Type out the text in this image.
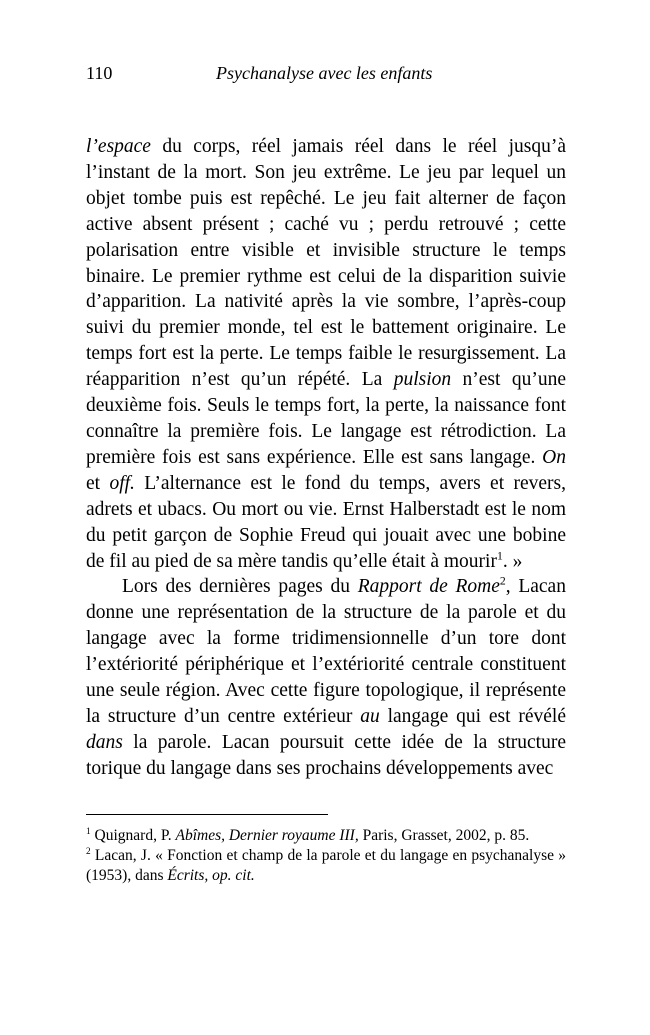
110	Psychanalyse avec les enfants

l’espace du corps, réel jamais réel dans le réel jusqu’à l’instant de la mort. Son jeu extrême. Le jeu par lequel un objet tombe puis est repêché. Le jeu fait alterner de façon active absent présent ; caché vu ; perdu retrouvé ; cette polarisation entre visible et invisible structure le temps binaire. Le premier rythme est celui de la disparition suivie d’apparition. La nativité après la vie sombre, l’après-coup suivi du premier monde, tel est le battement originaire. Le temps fort est la perte. Le temps faible le resurgissement. La réapparition n’est qu’un répété. La pulsion n’est qu’une deuxième fois. Seuls le temps fort, la perte, la naissance font connaître la première fois. Le langage est rétrodiction. La première fois est sans expérience. Elle est sans langage. On et off. L’alternance est le fond du temps, avers et revers, adrets et ubacs. Ou mort ou vie. Ernst Halberstadt est le nom du petit garçon de Sophie Freud qui jouait avec une bobine de fil au pied de sa mère tandis qu’elle était à mourir$^1$. »

Lors des dernières pages du Rapport de Rome$^2$, Lacan donne une représentation de la structure de la parole et du langage avec la forme tridimensionnelle d’un tore dont l’extériorité périphérique et l’extériorité centrale constituent une seule région. Avec cette figure topologique, il représente la structure d’un centre extérieur au langage qui est révélé dans la parole. Lacan poursuit cette idée de la structure torique du langage dans ses prochains développements avec

$^1$ Quignard, P. Abîmes, Dernier royaume III, Paris, Grasset, 2002, p. 85.

$^2$ Lacan, J. « Fonction et champ de la parole et du langage en psychanalyse » (1953), dans Écrits, op. cit.
